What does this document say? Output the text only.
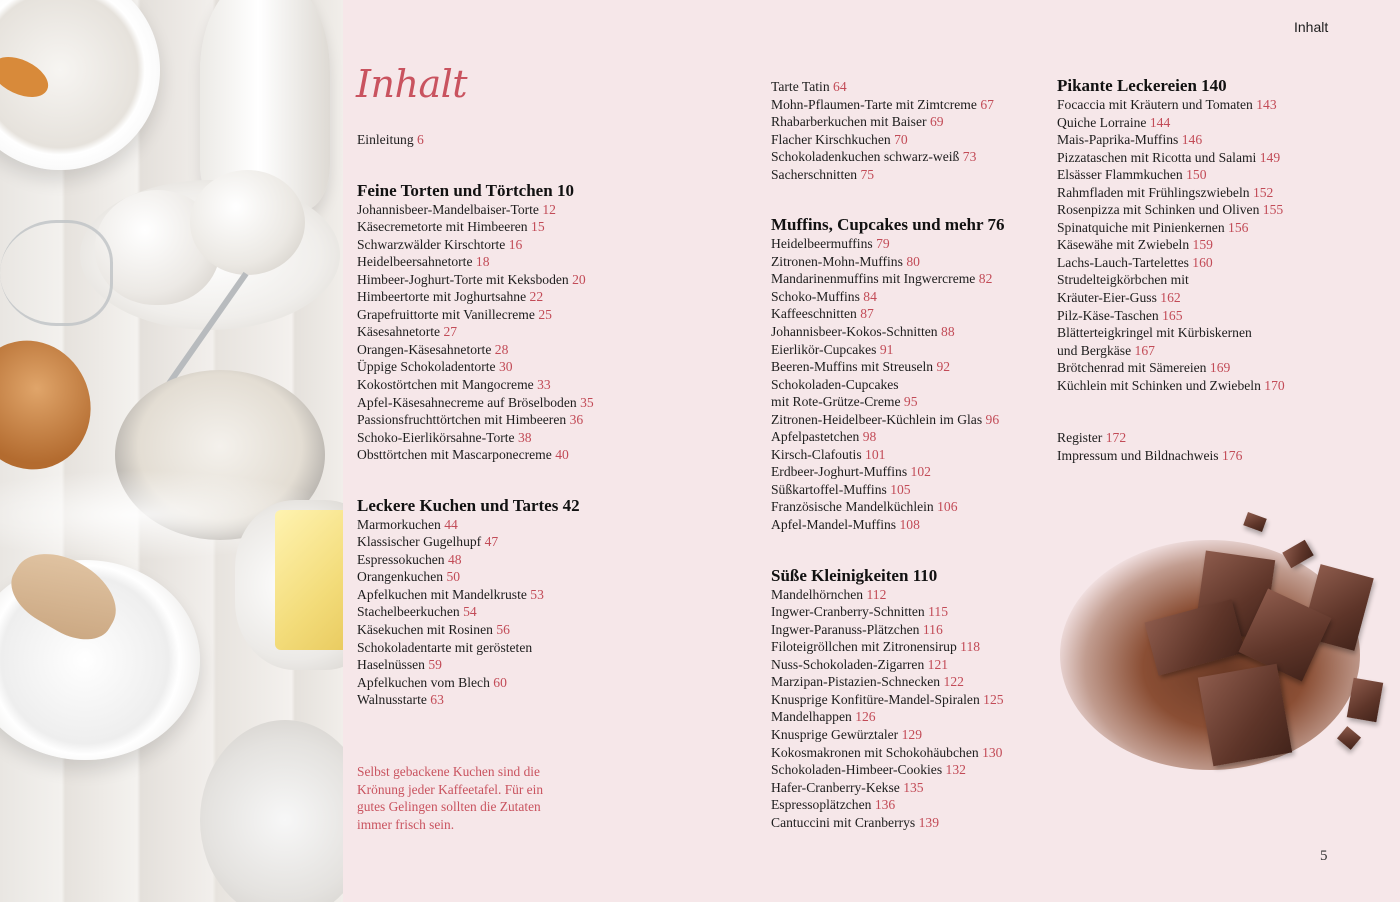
Inhalt
5
Inhalt
Einleitung 6
Feine Torten und Törtchen 10
Johannisbeer-Mandelbaiser-Torte 12
Käsecremetorte mit Himbeeren 15
Schwarzwälder Kirschtorte 16
Heidelbeersahnetorte 18
Himbeer-Joghurt-Torte mit Keksboden 20
Himbeertorte mit Joghurtsahne 22
Grapefruittorte mit Vanillecreme 25
Käsesahnetorte 27
Orangen-Käsesahnetorte 28
Üppige Schokoladentorte 30
Kokostörtchen mit Mangocreme 33
Apfel-Käsesahnecreme auf Bröselboden 35
Passionsfruchttörtchen mit Himbeeren 36
Schoko-Eierlikörsahne-Torte 38
Obsttörtchen mit Mascarponecreme 40
Leckere Kuchen und Tartes 42
Marmorkuchen 44
Klassischer Gugelhupf 47
Espressokuchen 48
Orangenkuchen 50
Apfelkuchen mit Mandelkruste 53
Stachelbeerkuchen 54
Käsekuchen mit Rosinen 56
Schokoladentarte mit gerösteten
Haselnüssen 59
Apfelkuchen vom Blech 60
Walnusstarte 63
Selbst gebackene Kuchen sind die Krönung jeder Kaffeetafel. Für ein gutes Gelingen sollten die Zutaten immer frisch sein.
Tarte Tatin 64
Mohn-Pflaumen-Tarte mit Zimtcreme 67
Rhabarberkuchen mit Baiser 69
Flacher Kirschkuchen 70
Schokoladenkuchen schwarz-weiß 73
Sacherschnitten 75
Muffins, Cupcakes und mehr 76
Heidelbeermuffins 79
Zitronen-Mohn-Muffins 80
Mandarinenmuffins mit Ingwercreme 82
Schoko-Muffins 84
Kaffeeschnitten 87
Johannisbeer-Kokos-Schnitten 88
Eierlikör-Cupcakes 91
Beeren-Muffins mit Streuseln 92
Schokoladen-Cupcakes
mit Rote-Grütze-Creme 95
Zitronen-Heidelbeer-Küchlein im Glas 96
Apfelpastetchen 98
Kirsch-Clafoutis 101
Erdbeer-Joghurt-Muffins 102
Süßkartoffel-Muffins 105
Französische Mandelküchlein 106
Apfel-Mandel-Muffins 108
Süße Kleinigkeiten 110
Mandelhörnchen 112
Ingwer-Cranberry-Schnitten 115
Ingwer-Paranuss-Plätzchen 116
Filoteigröllchen mit Zitronensirup 118
Nuss-Schokoladen-Zigarren 121
Marzipan-Pistazien-Schnecken 122
Knusprige Konfitüre-Mandel-Spiralen 125
Mandelhappen 126
Knusprige Gewürztaler 129
Kokosmakronen mit Schokohäubchen 130
Schokoladen-Himbeer-Cookies 132
Hafer-Cranberry-Kekse 135
Espressoplätzchen 136
Cantuccini mit Cranberrys 139
Pikante Leckereien 140
Focaccia mit Kräutern und Tomaten 143
Quiche Lorraine 144
Mais-Paprika-Muffins 146
Pizzataschen mit Ricotta und Salami 149
Elsässer Flammkuchen 150
Rahmfladen mit Frühlingszwiebeln 152
Rosenpizza mit Schinken und Oliven 155
Spinatquiche mit Pinienkernen 156
Käsewähe mit Zwiebeln 159
Lachs-Lauch-Tartelettes 160
Strudelteigkörbchen mit
Kräuter-Eier-Guss 162
Pilz-Käse-Taschen 165
Blätterteigkringel mit Kürbiskernen
und Bergkäse 167
Brötchenrad mit Sämereien 169
Küchlein mit Schinken und Zwiebeln 170
Register 172
Impressum und Bildnachweis 176
